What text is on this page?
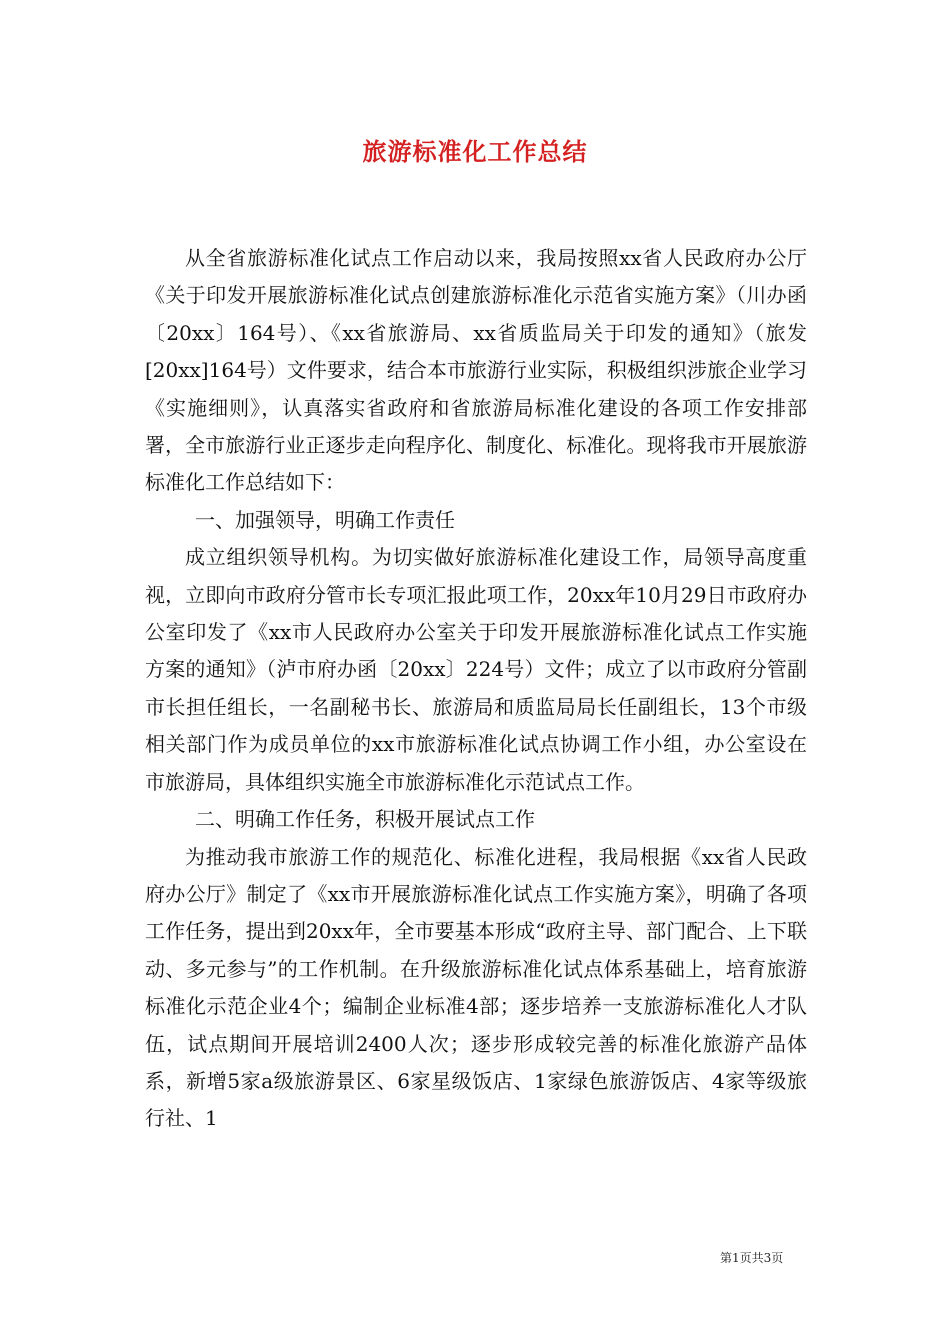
旅游标准化工作总结

从全省旅游标准化试点工作启动以来，我局按照xx省人民政府办公厅《关于印发开展旅游标准化试点创建旅游标准化示范省实施方案》（川办函〔20xx〕164号）、《xx省旅游局、xx省质监局关于印发的通知》（旅发[20xx]164号）文件要求，结合本市旅游行业实际，积极组织涉旅企业学习《实施细则》，认真落实省政府和省旅游局标准化建设的各项工作安排部署，全市旅游行业正逐步走向程序化、制度化、标准化。现将我市开展旅游标准化工作总结如下：

一、加强领导，明确工作责任

成立组织领导机构。为切实做好旅游标准化建设工作，局领导高度重视，立即向市政府分管市长专项汇报此项工作，20xx年10月29日市政府办公室印发了《xx市人民政府办公室关于印发开展旅游标准化试点工作实施方案的通知》（泸市府办函〔20xx〕224号）文件；成立了以市政府分管副市长担任组长，一名副秘书长、旅游局和质监局局长任副组长，13个市级相关部门作为成员单位的xx市旅游标准化试点协调工作小组，办公室设在市旅游局，具体组织实施全市旅游标准化示范试点工作。

二、明确工作任务，积极开展试点工作

为推动我市旅游工作的规范化、标准化进程，我局根据《xx省人民政府办公厅》制定了《xx市开展旅游标准化试点工作实施方案》，明确了各项工作任务，提出到20xx年，全市要基本形成“政府主导、部门配合、上下联动、多元参与”的工作机制。在升级旅游标准化试点体系基础上，培育旅游标准化示范企业4个；编制企业标准4部；逐步培养一支旅游标准化人才队伍，试点期间开展培训2400人次；逐步形成较完善的标准化旅游产品体系，新增5家a级旅游景区、6家星级饭店、1家绿色旅游饭店、4家等级旅行社、1

第1页共3页
